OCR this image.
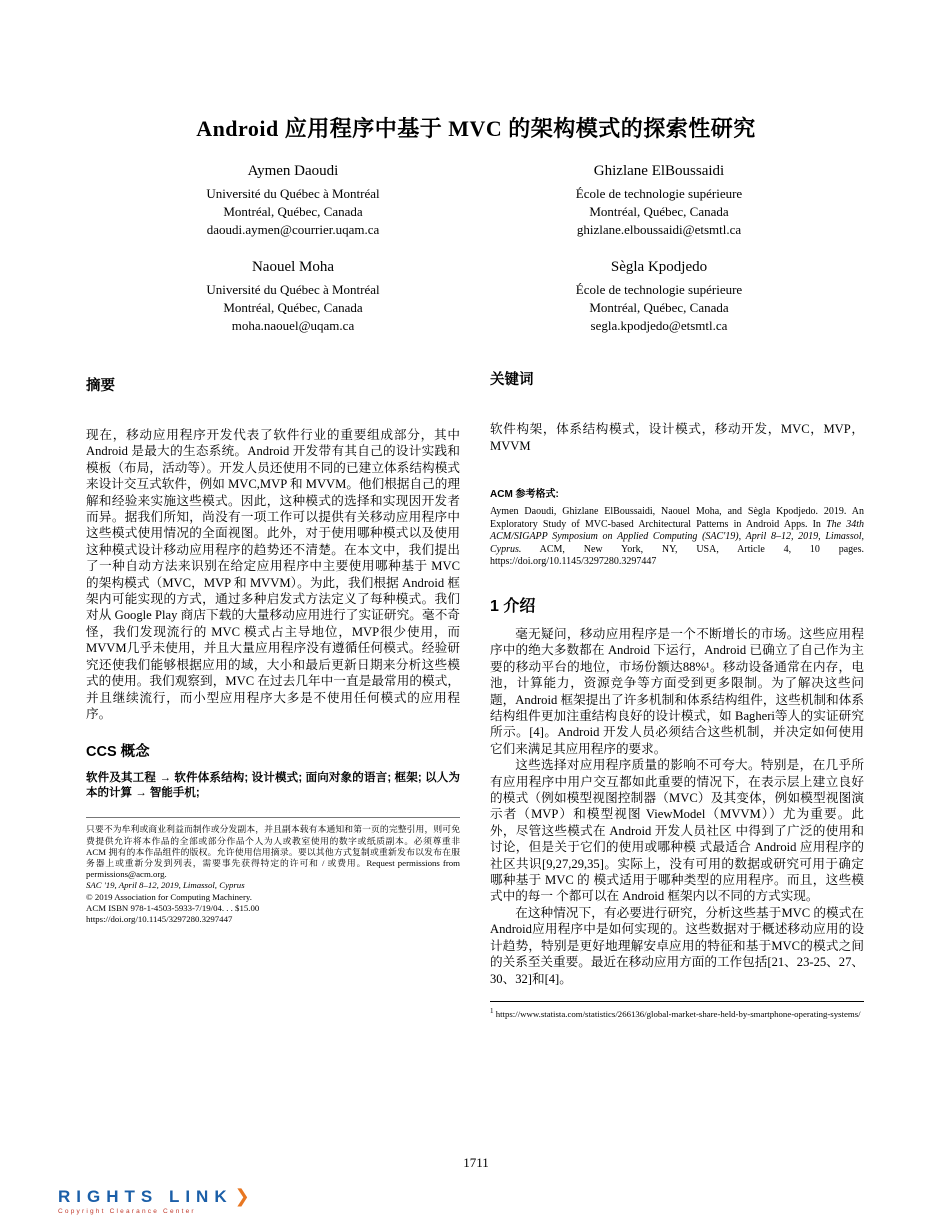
Android 应用程序中基于 MVC 的架构模式的探索性研究
Aymen Daoudi
Université du Québec à Montréal
Montréal, Québec, Canada
daoudi.aymen@courrier.uqam.ca
Ghizlane ElBoussaidi
École de technologie supérieure
Montréal, Québec, Canada
ghizlane.elboussaidi@etsmtl.ca
Naouel Moha
Université du Québec à Montréal
Montréal, Québec, Canada
moha.naouel@uqam.ca
Sègla Kpodjedo
École de technologie supérieure
Montréal, Québec, Canada
segla.kpodjedo@etsmtl.ca
摘要
现在，移动应用程序开发代表了软件行业的重要组成部分，其中 Android 是最大的生态系统。Android 开发带有其自己的设计实践和模板（布局，活动等）。开发人员还使用不同的已建立体系结构模式来设计交互式软件，例如 MVC,MVP 和 MVVM。他们根据自己的理解和经验来实施这些模式。因此，这种模式的选择和实现因开发者而异。据我们所知，尚没有一项工作可以提供有关移动应用程序中这些模式使用情况的全面视图。此外，对于使用哪种模式以及使用这种模式设计移动应用程序的趋势还不清楚。在本文中，我们提出了一种自动方法来识别在给定应用程序中主要使用哪种基于 MVC 的架构模式（MVC，MVP 和 MVVM）。为此，我们根据 Android 框架内可能实现的方式，通过多种启发式方法定义了每种模式。我们对从 Google Play 商店下载的大量移动应用进行了实证研究。毫不奇怪，我们发现流行的 MVC 模式占主导地位，MVP很少使用，而MVVM几乎未使用，并且大量应用程序没有遵循任何模式。经验研究还使我们能够根据应用的域，大小和最后更新日期来分析这些模式的使用。我们观察到，MVC 在过去几年中一直是最常用的模式，并且继续流行，而小型应用程序大多是不使用任何模式的应用程序。
CCS 概念
软件及其工程 → 软件体系结构; 设计模式; 面向对象的语言; 框架; 以人为本的计算 → 智能手机;
只要不为牟利或商业利益而制作或分发副本，并且副本载有本通知和第一页的完整引用，则可免费提供允许将本作品的全部或部分作品个人为人或教室使用的数字或纸质副本。必须尊重非 ACM 拥有的本作品组件的版权。允许使用信用摘录。要以其他方式复制或重新发布以发布在服务器上或重新分发到列表，需要事先获得特定的许可和 / 或费用。Request permissions from permissions@acm.org.
SAC '19, April 8–12, 2019, Limassol, Cyprus
© 2019 Association for Computing Machinery.
ACM ISBN 978-1-4503-5933-7/19/04. . . $15.00
https://doi.org/10.1145/3297280.3297447
关键词
软件构架，体系结构模式，设计模式，移动开发，MVC，MVP，MVVM
ACM 参考格式:
Aymen Daoudi, Ghizlane ElBoussaidi, Naouel Moha, and Sègla Kpodjedo. 2019. An Exploratory Study of MVC-based Architectural Patterns in Android Apps. In The 34th ACM/SIGAPP Symposium on Applied Computing (SAC'19), April 8–12, 2019, Limassol, Cyprus. ACM, New York, NY, USA, Article 4, 10 pages. https://doi.org/10.1145/3297280.3297447
1 介绍

毫无疑问，移动应用程序是一个不断增长的市场。这些应用程序中的绝大多数都在 Android 下运行，Android 已确立了自己作为主要的移动平台的地位，市场份额达88%¹。移动设备通常在内存，电池，计算能力，资源竞争等方面受到更多限制。为了解决这些问题，Android 框架提出了许多机制和体系结构组件，这些机制和体系结构组件更加注重结构良好的设计模式，如 Bagheri等人的实证研究所示。[4]。Android 开发人员必须结合这些机制，并决定如何使用它们来满足其应用程序的要求。

这些选择对应用程序质量的影响不可夸大。特别是，在几乎所有应用程序中用户交互都如此重要的情况下，在表示层上建立良好的模式（例如模型视图控制器（MVC）及其变体，例如模型视图演示者（MVP）和模型视图 ViewModel（MVVM））尤为重要。此外，尽管这些模式在 Android 开发人员社区 中得到了广泛的使用和讨论，但是关于它们的使用或哪种模 式最适合 Android 应用程序的社区共识[9,27,29,35]。实际上，没有可用的数据或研究可用于确定哪种基于 MVC 的 模式适用于哪种类型的应用程序。而且，这些模式中的每一 个都可以在 Android 框架内以不同的方式实现。

在这种情况下，有必要进行研究，分析这些基于MVC 的模式在Android应用程序中是如何实现的。这些数据对于概述移动应用的设计趋势，特别是更好地理解安卓应用的特征和基于MVC的模式之间的关系至关重要。最近在移动应用方面的工作包括[21、23-25、27、30、32]和[4]。

$^1$ https://www.statista.com/statistics/266136/global-market-share-held-by-smartphone-operating-systems/
1711
RIGHTS LINK ❯
Copyright Clearance Center
